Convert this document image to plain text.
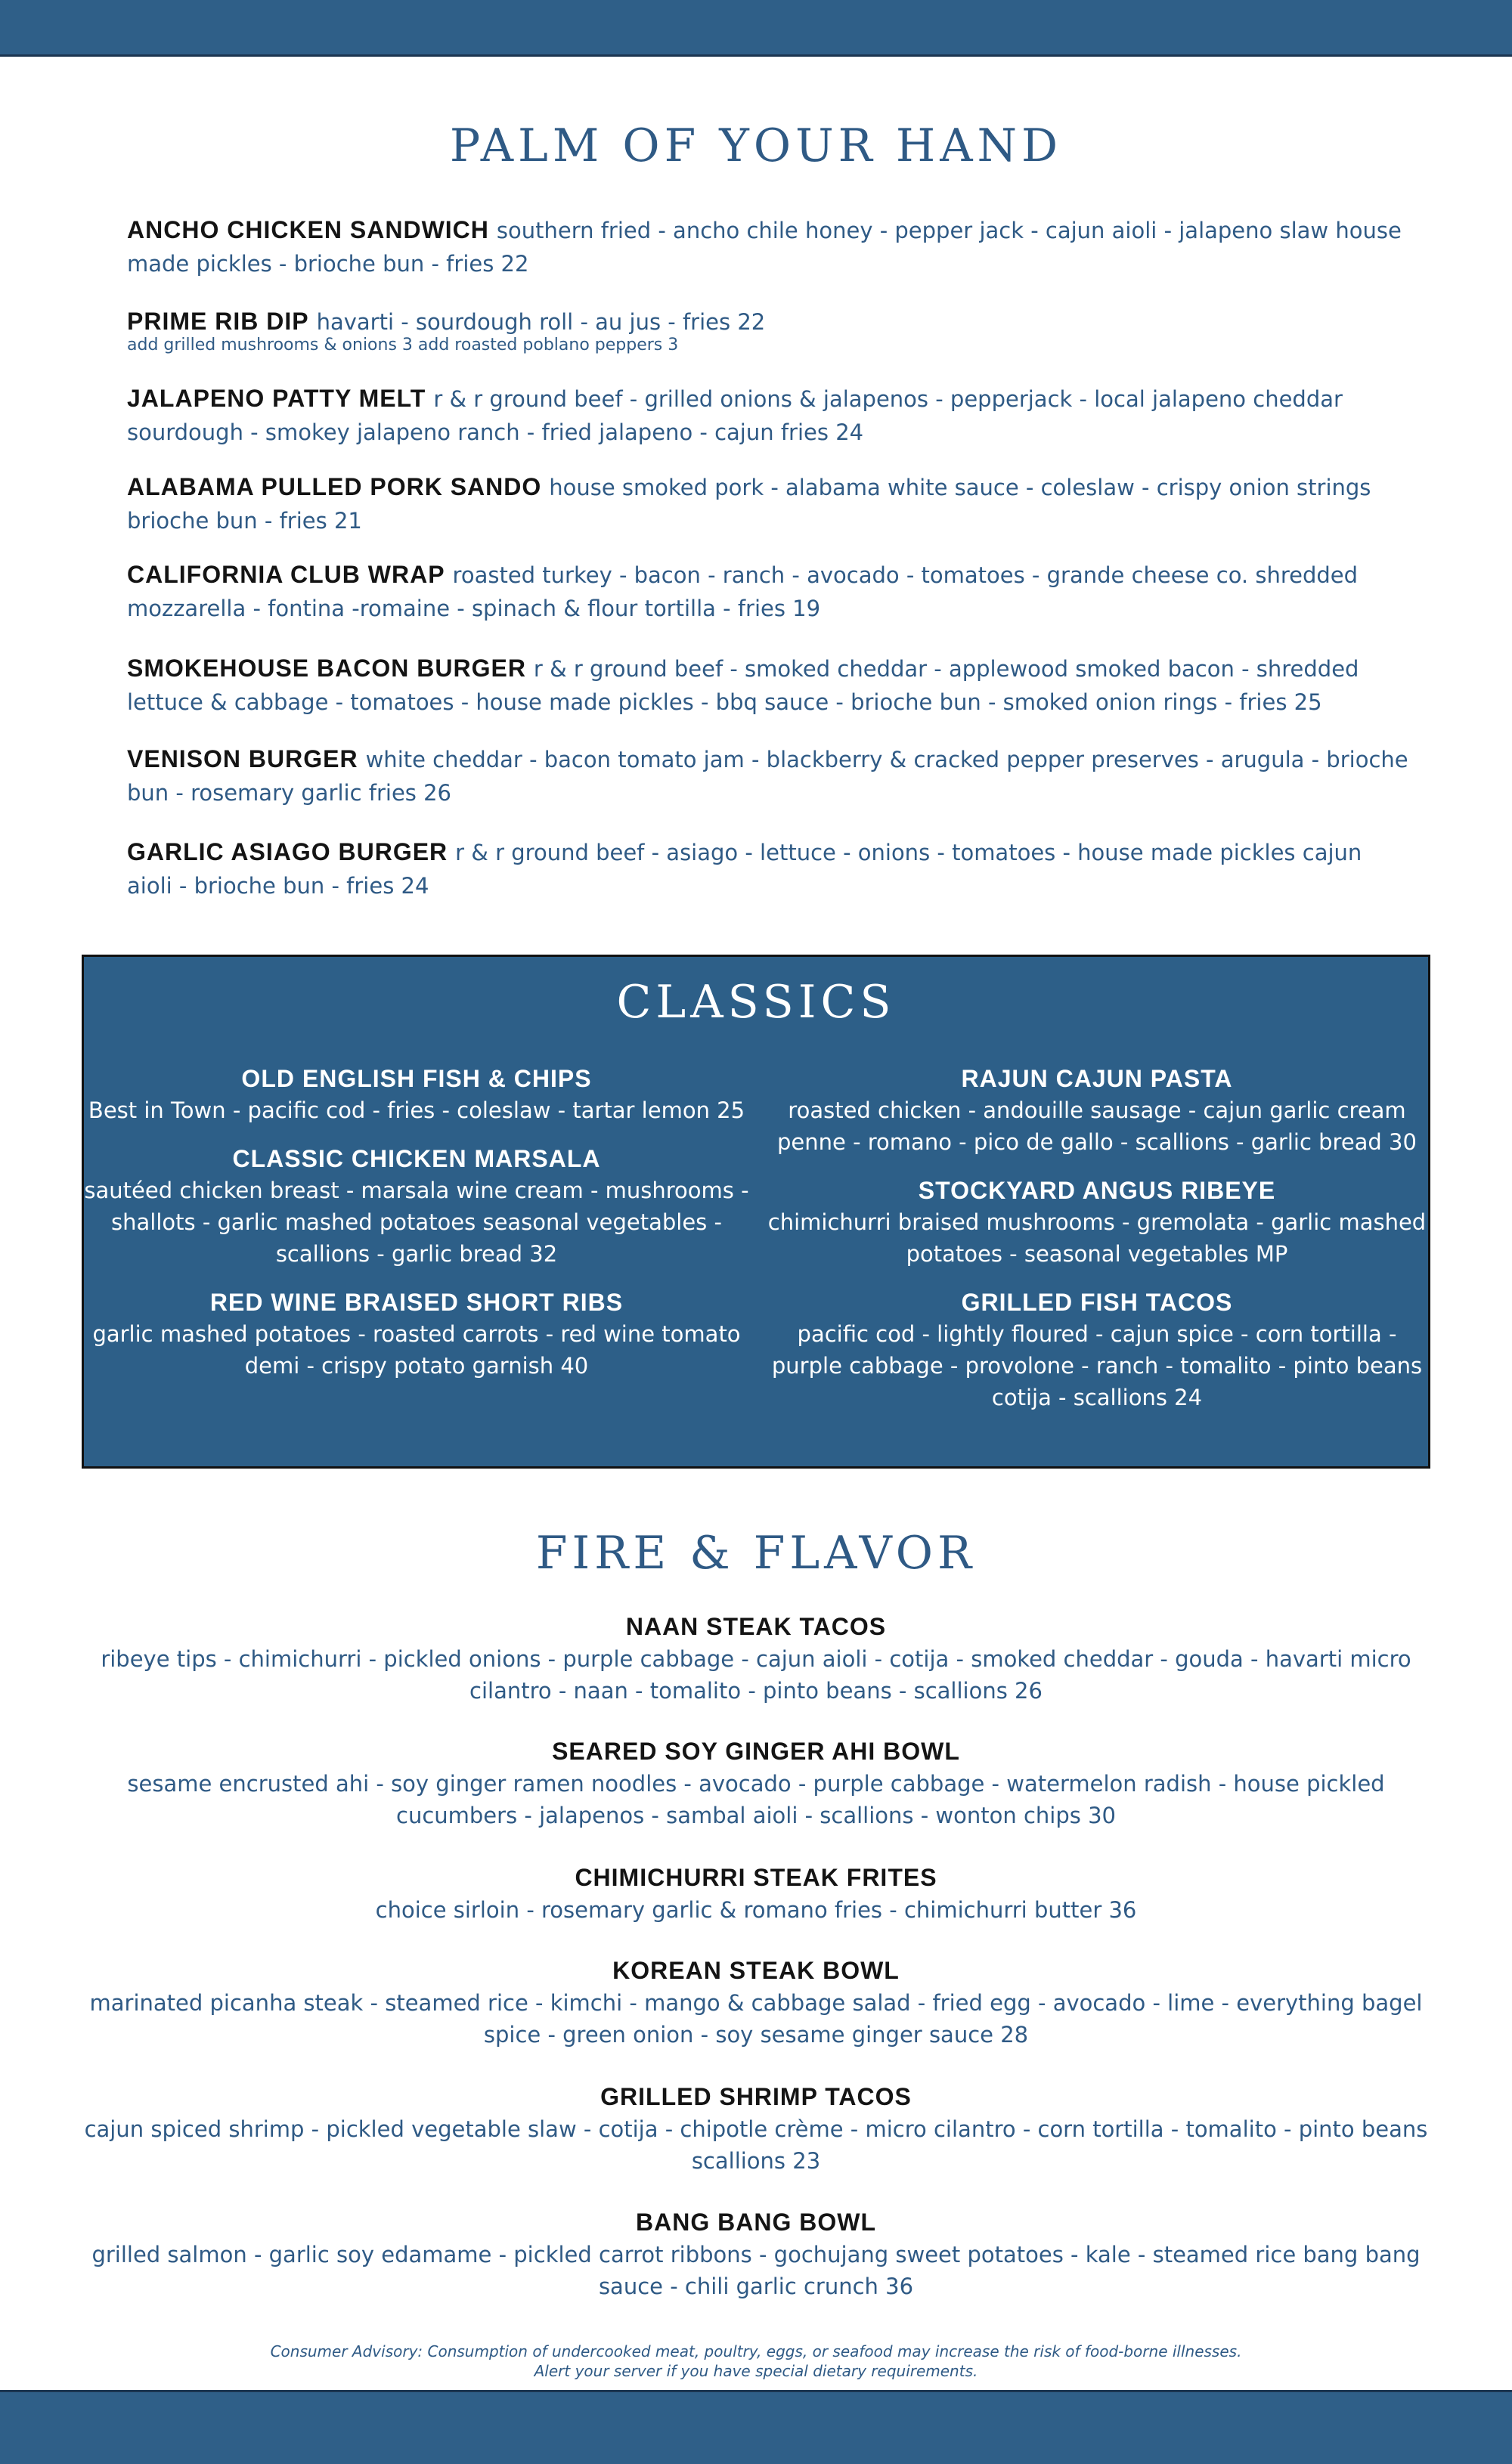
PALM OF YOUR HAND
ANCHO CHICKEN SANDWICH southern fried - ancho chile honey - pepper jack - cajun aioli - jalapeno slaw house made pickles - brioche bun - fries 22
PRIME RIB DIP havarti - sourdough roll - au jus - fries 22
add grilled mushrooms & onions 3 add roasted poblano peppers 3
JALAPENO PATTY MELT r & r ground beef - grilled onions & jalapenos - pepperjack - local jalapeno cheddar sourdough - smokey jalapeno ranch - fried jalapeno - cajun fries 24
ALABAMA PULLED PORK SANDO house smoked pork - alabama white sauce - coleslaw - crispy onion strings brioche bun - fries 21
CALIFORNIA CLUB WRAP roasted turkey - bacon - ranch - avocado - tomatoes - grande cheese co. shredded mozzarella - fontina -romaine - spinach & flour tortilla - fries 19
SMOKEHOUSE BACON BURGER r & r ground beef - smoked cheddar - applewood smoked bacon - shredded lettuce & cabbage - tomatoes - house made pickles - bbq sauce - brioche bun - smoked onion rings - fries 25
VENISON BURGER white cheddar - bacon tomato jam - blackberry & cracked pepper preserves - arugula - brioche bun - rosemary garlic fries 26
GARLIC ASIAGO BURGER r & r ground beef - asiago - lettuce - onions - tomatoes - house made pickles cajun aioli - brioche bun - fries 24
CLASSICS
OLD ENGLISH FISH & CHIPS
Best in Town - pacific cod - fries - coleslaw - tartar lemon 25
CLASSIC CHICKEN MARSALA
sautéed chicken breast - marsala wine cream - mushrooms - shallots - garlic mashed potatoes seasonal vegetables - scallions - garlic bread 32
RED WINE BRAISED SHORT RIBS
garlic mashed potatoes - roasted carrots - red wine tomato demi - crispy potato garnish 40
RAJUN CAJUN PASTA
roasted chicken - andouille sausage - cajun garlic cream penne - romano - pico de gallo - scallions - garlic bread 30
STOCKYARD ANGUS RIBEYE
chimichurri braised mushrooms - gremolata - garlic mashed potatoes - seasonal vegetables MP
GRILLED FISH TACOS
pacific cod - lightly floured - cajun spice - corn tortilla - purple cabbage - provolone - ranch - tomalito - pinto beans cotija - scallions 24
FIRE & FLAVOR
NAAN STEAK TACOS
ribeye tips - chimichurri - pickled onions - purple cabbage - cajun aioli - cotija - smoked cheddar - gouda - havarti micro cilantro - naan - tomalito - pinto beans - scallions 26
SEARED SOY GINGER AHI BOWL
sesame encrusted ahi - soy ginger ramen noodles - avocado - purple cabbage - watermelon radish - house pickled cucumbers - jalapenos - sambal aioli - scallions - wonton chips 30
CHIMICHURRI STEAK FRITES
choice sirloin - rosemary garlic & romano fries - chimichurri butter 36
KOREAN STEAK BOWL
marinated picanha steak - steamed rice - kimchi - mango & cabbage salad - fried egg - avocado - lime - everything bagel spice - green onion - soy sesame ginger sauce 28
GRILLED SHRIMP TACOS
cajun spiced shrimp - pickled vegetable slaw - cotija - chipotle crème - micro cilantro - corn tortilla - tomalito - pinto beans scallions 23
BANG BANG BOWL
grilled salmon - garlic soy edamame - pickled carrot ribbons - gochujang sweet potatoes - kale - steamed rice bang bang sauce - chili garlic crunch 36
Consumer Advisory: Consumption of undercooked meat, poultry, eggs, or seafood may increase the risk of food-borne illnesses.
Alert your server if you have special dietary requirements.
